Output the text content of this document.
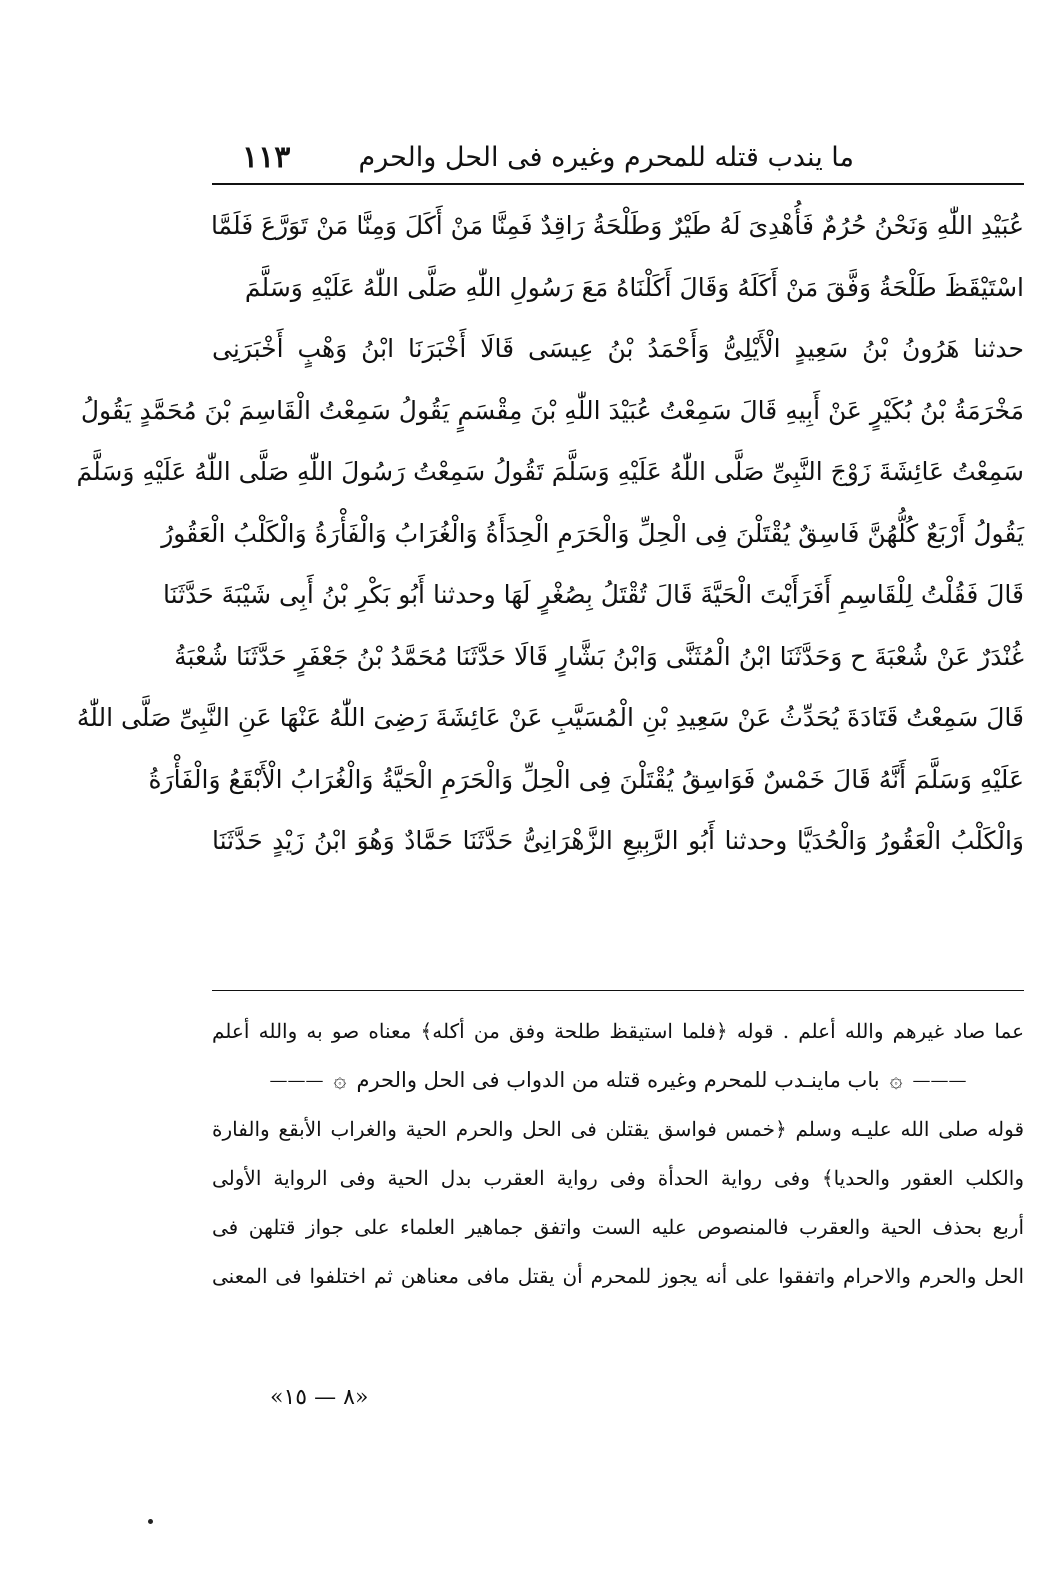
ما يندب قتله للمحرم وغيره فى الحل والحرم
١١٣
عُبَيْدِ اللّٰهِ وَنَحْنُ حُرُمٌ فَأُهْدِىَ لَهُ طَيْرٌ وَطَلْحَةُ رَاقِدٌ فَمِنَّا مَنْ أَكَلَ وَمِنَّا مَنْ تَوَرَّعَ فَلَمَّا
اسْتَيْقَظَ طَلْحَةُ وَفَّقَ مَنْ أَكَلَهُ وَقَالَ أَكَلْنَاهُ مَعَ رَسُولِ اللّٰهِ صَلَّى اللّٰهُ عَلَيْهِ وَسَلَّمَ
حدثنا هَرُونُ بْنُ سَعِيدٍ الْأَيْلِىُّ وَأَحْمَدُ بْنُ عِيسَى قَالَا أَخْبَرَنَا ابْنُ وَهْبٍ أَخْبَرَنِى
مَخْرَمَةُ بْنُ بُكَيْرٍ عَنْ أَبِيهِ قَالَ سَمِعْتُ عُبَيْدَ اللّٰهِ بْنَ مِقْسَمٍ يَقُولُ سَمِعْتُ الْقَاسِمَ بْنَ مُحَمَّدٍ يَقُولُ
سَمِعْتُ عَائِشَةَ زَوْجَ النَّبِىِّ صَلَّى اللّٰهُ عَلَيْهِ وَسَلَّمَ تَقُولُ سَمِعْتُ رَسُولَ اللّٰهِ صَلَّى اللّٰهُ عَلَيْهِ وَسَلَّمَ
يَقُولُ أَرْبَعٌ كُلُّهُنَّ فَاسِقٌ يُقْتَلْنَ فِى الْحِلِّ وَالْحَرَمِ الْحِدَأَةُ وَالْغُرَابُ وَالْفَأْرَةُ وَالْكَلْبُ الْعَقُورُ
قَالَ فَقُلْتُ لِلْقَاسِمِ أَفَرَأَيْتَ الْحَيَّةَ قَالَ تُقْتَلُ بِصُغْرٍ لَهَا وحدثنا أَبُو بَكْرِ بْنُ أَبِى شَيْبَةَ حَدَّثَنَا
غُنْدَرٌ عَنْ شُعْبَةَ ح وَحَدَّثَنَا ابْنُ الْمُثَنَّى وَابْنُ بَشَّارٍ قَالَا حَدَّثَنَا مُحَمَّدُ بْنُ جَعْفَرٍ حَدَّثَنَا شُعْبَةُ
قَالَ سَمِعْتُ قَتَادَةَ يُحَدِّثُ عَنْ سَعِيدِ بْنِ الْمُسَيَّبِ عَنْ عَائِشَةَ رَضِىَ اللّٰهُ عَنْهَا عَنِ النَّبِىِّ صَلَّى اللّٰهُ
عَلَيْهِ وَسَلَّمَ أَنَّهُ قَالَ خَمْسٌ فَوَاسِقُ يُقْتَلْنَ فِى الْحِلِّ وَالْحَرَمِ الْحَيَّةُ وَالْغُرَابُ الْأَبْقَعُ وَالْفَأْرَةُ
وَالْكَلْبُ الْعَقُورُ وَالْحُدَيَّا وحدثنا أَبُو الرَّبِيعِ الزَّهْرَانِىُّ حَدَّثَنَا حَمَّادٌ وَهُوَ ابْنُ زَيْدٍ حَدَّثَنَا
عما صاد غيرهم والله أعلم . قوله ﴿فلما استيقظ طلحة وفق من أكله﴾ معناه صو به والله أعلم
———
۞
باب ماينـدب للمحرم وغيره قتله من الدواب فى الحل والحرم
۞
———
قوله صلى الله عليـه وسلم ﴿خمس فواسق يقتلن فى الحل والحرم الحية والغراب الأبقع والفارة
والكلب العقور والحديا﴾ وفى رواية الحدأة وفى رواية العقرب بدل الحية وفى الرواية الأولى
أربع بحذف الحية والعقرب فالمنصوص عليه الست واتفق جماهير العلماء على جواز قتلهن فى
الحل والحرم والاحرام واتفقوا على أنه يجوز للمحرم أن يقتل مافى معناهن ثم اختلفوا فى المعنى
«٨ — ١٥»
